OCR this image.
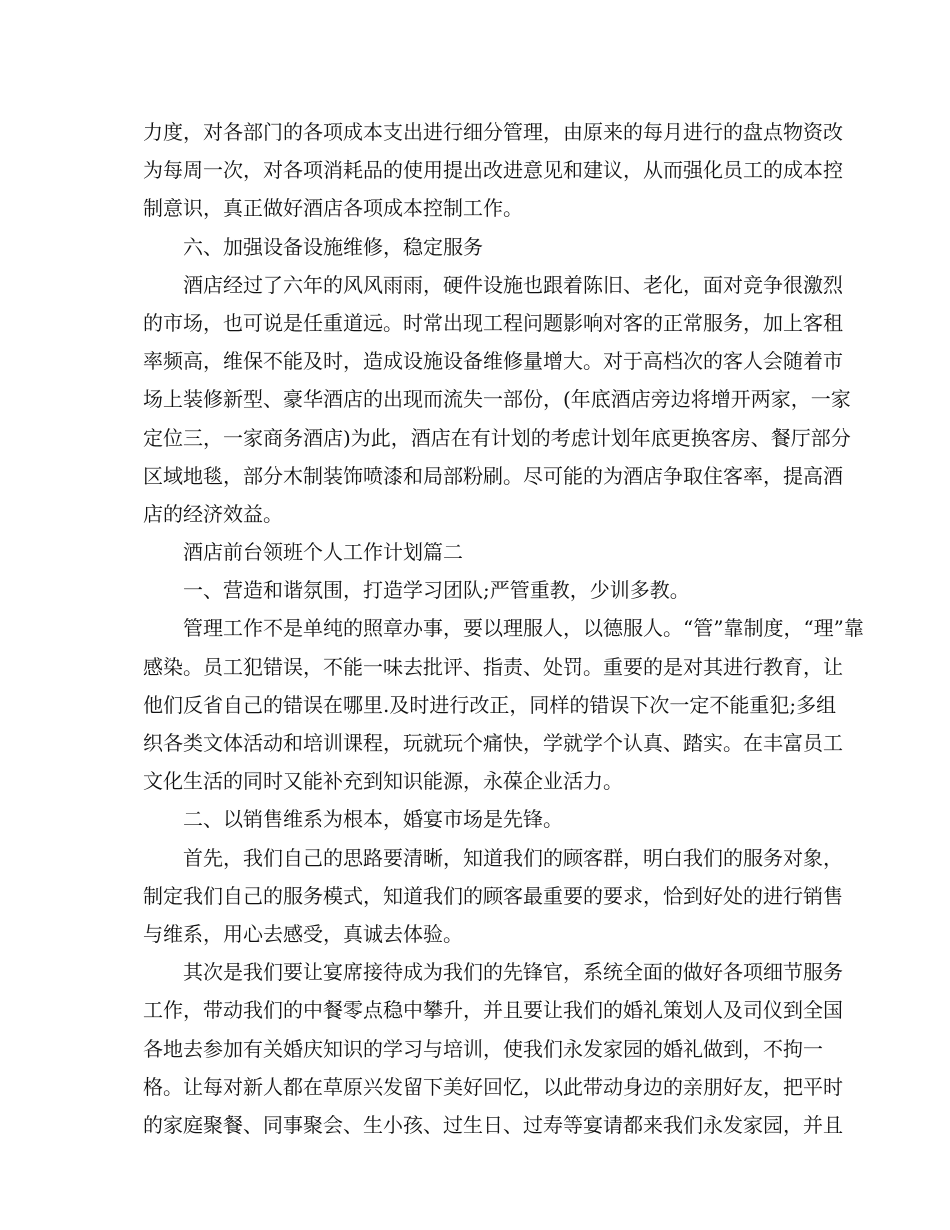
力度，对各部门的各项成本支出进行细分管理，由原来的每月进行的盘点物资改
为每周一次，对各项消耗品的使用提出改进意见和建议，从而强化员工的成本控
制意识，真正做好酒店各项成本控制工作。
六、加强设备设施维修，稳定服务
酒店经过了六年的风风雨雨，硬件设施也跟着陈旧、老化，面对竞争很激烈
的市场，也可说是任重道远。时常出现工程问题影响对客的正常服务，加上客租
率频高，维保不能及时，造成设施设备维修量增大。对于高档次的客人会随着市
场上装修新型、豪华酒店的出现而流失一部份，(年底酒店旁边将增开两家，一家
定位三，一家商务酒店)为此，酒店在有计划的考虑计划年底更换客房、餐厅部分
区域地毯，部分木制装饰喷漆和局部粉刷。尽可能的为酒店争取住客率，提高酒
店的经济效益。
酒店前台领班个人工作计划篇二
一、营造和谐氛围，打造学习团队;严管重教，少训多教。
管理工作不是单纯的照章办事，要以理服人，以德服人。“管”靠制度，“理”靠
感染。员工犯错误，不能一味去批评、指责、处罚。重要的是对其进行教育，让
他们反省自己的错误在哪里.及时进行改正，同样的错误下次一定不能重犯;多组
织各类文体活动和培训课程，玩就玩个痛快，学就学个认真、踏实。在丰富员工
文化生活的同时又能补充到知识能源，永葆企业活力。
二、以销售维系为根本，婚宴市场是先锋。
首先，我们自己的思路要清晰，知道我们的顾客群，明白我们的服务对象，
制定我们自己的服务模式，知道我们的顾客最重要的要求，恰到好处的进行销售
与维系，用心去感受，真诚去体验。
其次是我们要让宴席接待成为我们的先锋官，系统全面的做好各项细节服务
工作，带动我们的中餐零点稳中攀升，并且要让我们的婚礼策划人及司仪到全国
各地去参加有关婚庆知识的学习与培训，使我们永发家园的婚礼做到，不拘一
格。让每对新人都在草原兴发留下美好回忆，以此带动身边的亲朋好友，把平时
的家庭聚餐、同事聚会、生小孩、过生日、过寿等宴请都来我们永发家园，并且
